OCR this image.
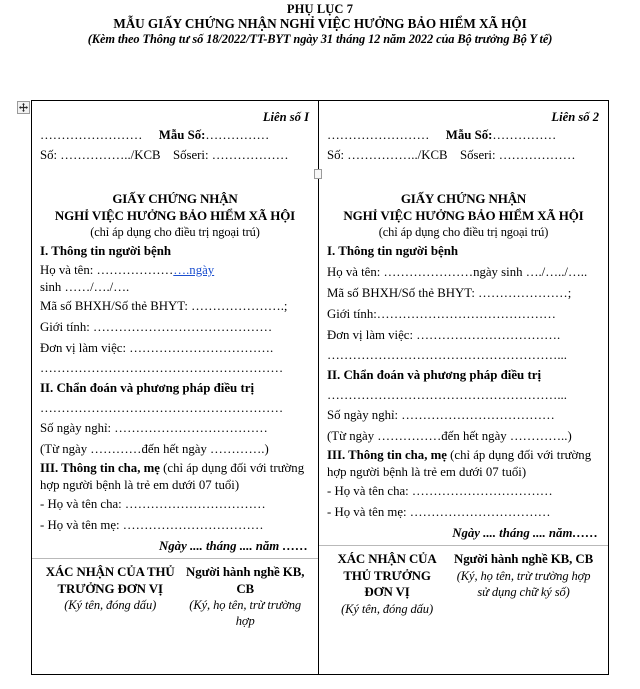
PHỤ LỤC 7
MẪU GIẤY CHỨNG NHẬN NGHỈ VIỆC HƯỞNG BẢO HIỂM XÃ HỘI
(Kèm theo Thông tư số 18/2022/TT-BYT ngày 31 tháng 12 năm 2022 của Bộ trưởng Bộ Y tế)
Liên số I
…………………… Mẫu Số:……………
Số: ……………../KCB Sốseri: ………………
GIẤY CHỨNG NHẬN
NGHỈ VIỆC HƯỞNG BẢO HIỂM XÃ HỘI
(chỉ áp dụng cho điều trị ngoại trú)
I. Thông tin người bệnh
Họ và tên: ………………….ngày
sinh ……/…./….
Mã số BHXH/Số thẻ BHYT: ………………….;
Giới tính: ……………………………………
Đơn vị làm việc: …………………………….
…………………………………………………
II. Chẩn đoán và phương pháp điều trị
…………………………………………………
Số ngày nghỉ: ………………………………
(Từ ngày …………đến hết ngày ………….)
III. Thông tin cha, mẹ (chỉ áp dụng đối với trường hợp người bệnh là trẻ em dưới 07 tuổi)
- Họ và tên cha: ……………………………
- Họ và tên mẹ: ……………………………
Ngày .... tháng .... năm ……
XÁC NHẬN CỦA THỦ TRƯỞNG ĐƠN VỊ
(Ký tên, đóng dấu)
Người hành nghề KB, CB
(Ký, họ tên, trừ trường hợp
Liên số 2
…………………… Mẫu Số:……………
Số: ……………../KCB Sốseri: ………………
GIẤY CHỨNG NHẬN
NGHỈ VIỆC HƯỞNG BẢO HIỂM XÃ HỘI
(chỉ áp dụng cho điều trị ngoại trú)
I. Thông tin người bệnh
Họ và tên: …………………ngày sinh …./…../…..
Mã số BHXH/Số thẻ BHYT: …………………;
Giới tính:……………………………………
Đơn vị làm việc: …………………………….
………………………………………………...
II. Chẩn đoán và phương pháp điều trị
………………………………………………...
Số ngày nghỉ: ………………………………
(Từ ngày ……………đến hết ngày …………..)
III. Thông tin cha, mẹ (chỉ áp dụng đối với trường hợp người bệnh là trẻ em dưới 07 tuổi)
- Họ và tên cha: ……………………………
- Họ và tên mẹ: ……………………………
Ngày .... tháng .... năm……
XÁC NHẬN CỦA THỦ TRƯỞNG ĐƠN VỊ
(Ký tên, đóng dấu)
Người hành nghề KB, CB
(Ký, họ tên, trừ trường hợp
sử dụng chữ ký số)
